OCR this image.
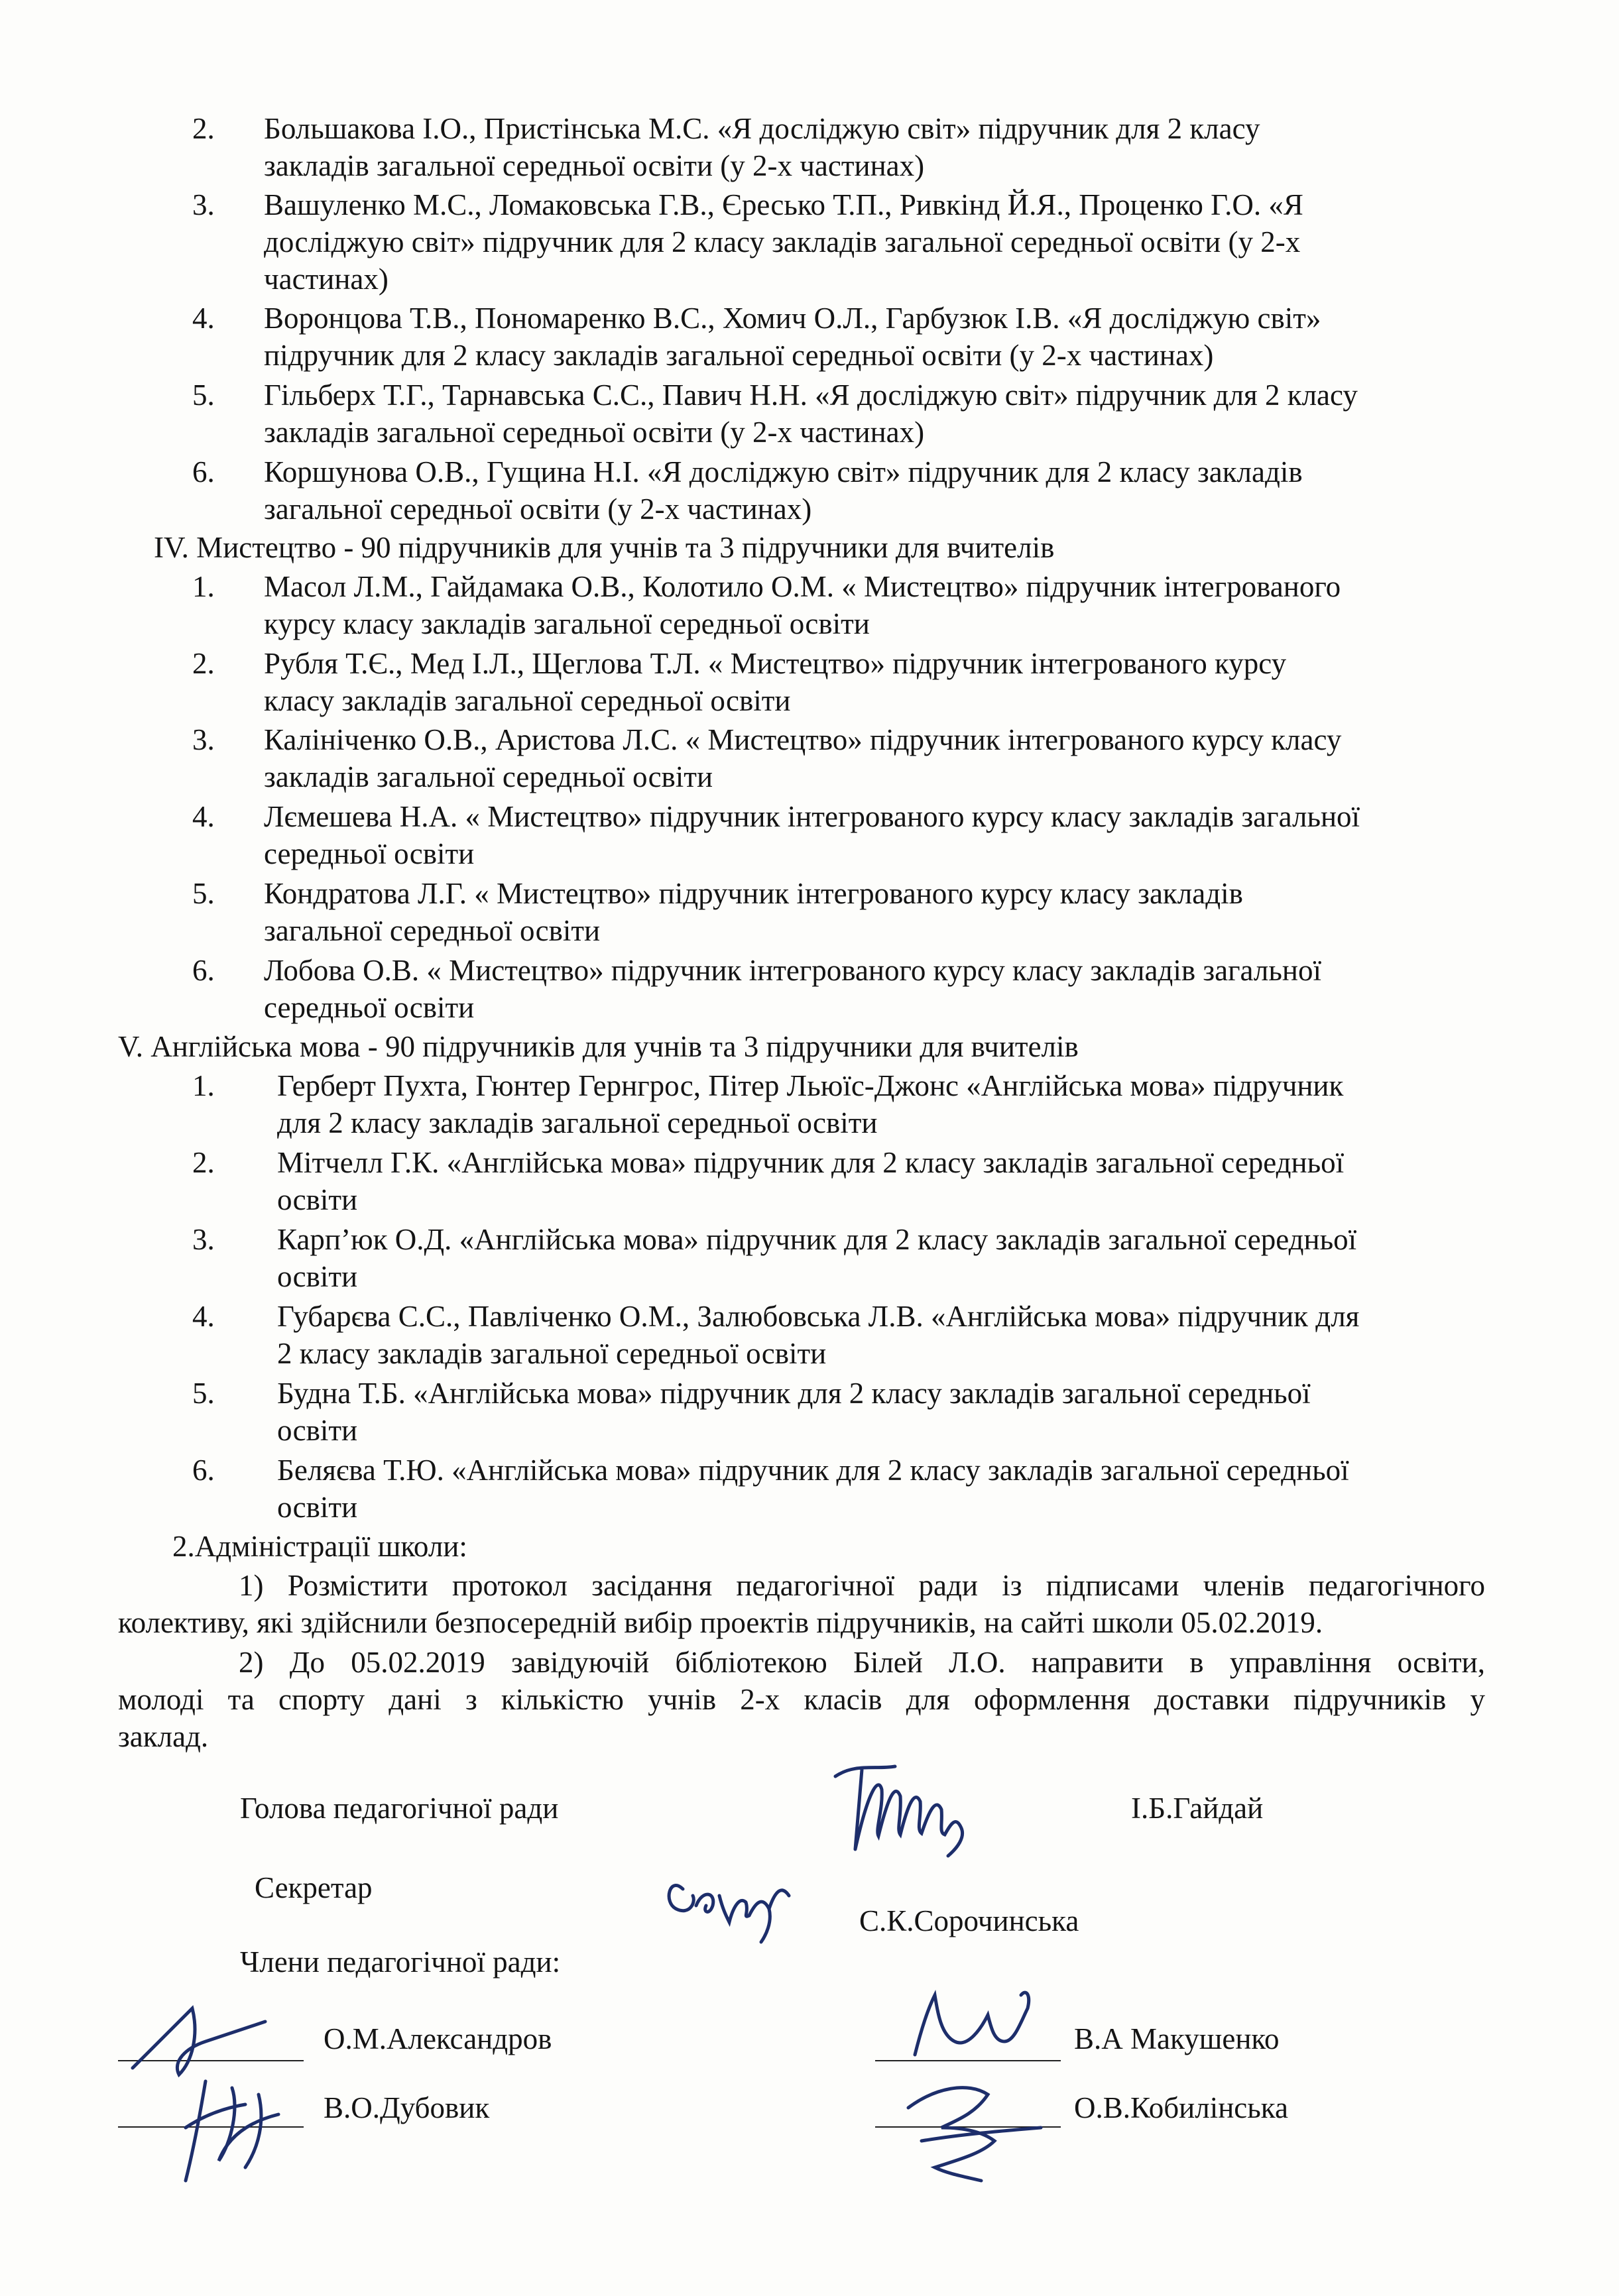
2. Большакова І.О., Пристінська М.С. «Я досліджую світ» підручник для 2 класу
закладів загальної середньої освіти (у 2-х частинах)
3. Вашуленко М.С., Ломаковська Г.В., Єресько Т.П., Ривкінд Й.Я., Проценко Г.О. «Я
досліджую світ» підручник для 2 класу закладів загальної середньої освіти (у 2-х
частинах)
4. Воронцова Т.В., Пономаренко В.С., Хомич О.Л., Гарбузюк І.В. «Я досліджую світ»
підручник для 2 класу закладів загальної середньої освіти (у 2-х частинах)
5. Гільберх Т.Г., Тарнавська С.С., Павич Н.Н. «Я досліджую світ» підручник для 2 класу
закладів загальної середньої освіти (у 2-х частинах)
6. Коршунова О.В., Гущина Н.І. «Я досліджую світ» підручник для 2 класу закладів
загальної середньої освіти (у 2-х частинах)
IV. Мистецтво - 90 підручників для учнів та 3 підручники для вчителів
1. Масол Л.М., Гайдамака О.В., Колотило О.М. « Мистецтво» підручник інтегрованого
курсу класу закладів загальної середньої освіти
2. Рубля Т.Є., Мед І.Л., Щеглова Т.Л. « Мистецтво» підручник інтегрованого курсу
класу закладів загальної середньої освіти
3. Калініченко О.В., Аристова Л.С. « Мистецтво» підручник інтегрованого курсу класу
закладів загальної середньої освіти
4. Лємешева Н.А. « Мистецтво» підручник інтегрованого курсу класу закладів загальної
середньої освіти
5. Кондратова Л.Г. « Мистецтво» підручник інтегрованого курсу класу закладів
загальної середньої освіти
6. Лобова О.В. « Мистецтво» підручник інтегрованого курсу класу закладів загальної
середньої освіти
V. Англійська мова - 90 підручників для учнів та 3 підручники для вчителів
1. Герберт Пухта, Гюнтер Гернгрос, Пітер Льюїс-Джонс «Англійська мова» підручник
для 2 класу закладів загальної середньої освіти
2. Мітчелл Г.К. «Англійська мова» підручник для 2 класу закладів загальної середньої
освіти
3. Карп’юк О.Д. «Англійська мова» підручник для 2 класу закладів загальної середньої
освіти
4. Губарєва С.С., Павліченко О.М., Залюбовська Л.В. «Англійська мова» підручник для
2 класу закладів загальної середньої освіти
5. Будна Т.Б. «Англійська мова» підручник для 2 класу закладів загальної середньої
освіти
6. Беляєва Т.Ю. «Англійська мова» підручник для 2 класу закладів загальної середньої
освіти
2.Адміністрації школи:
1) Розмістити протокол засідання педагогічної ради із підписами членів педагогічного
колективу, які здійснили безпосередній вибір проектів підручників, на сайті школи 05.02.2019.
2) До 05.02.2019 завідуючій бібліотекою Білей Л.О. направити в управління освіти,
молоді та спорту дані з кількістю учнів 2-х класів для оформлення доставки підручників у
заклад.
Голова педагогічної ради	І.Б.Гайдай
Секретар
С.К.Сорочинська
Члени педагогічної ради:
О.М.Александров	В.А Макушенко
В.О.Дубовик	О.В.Кобилінська
